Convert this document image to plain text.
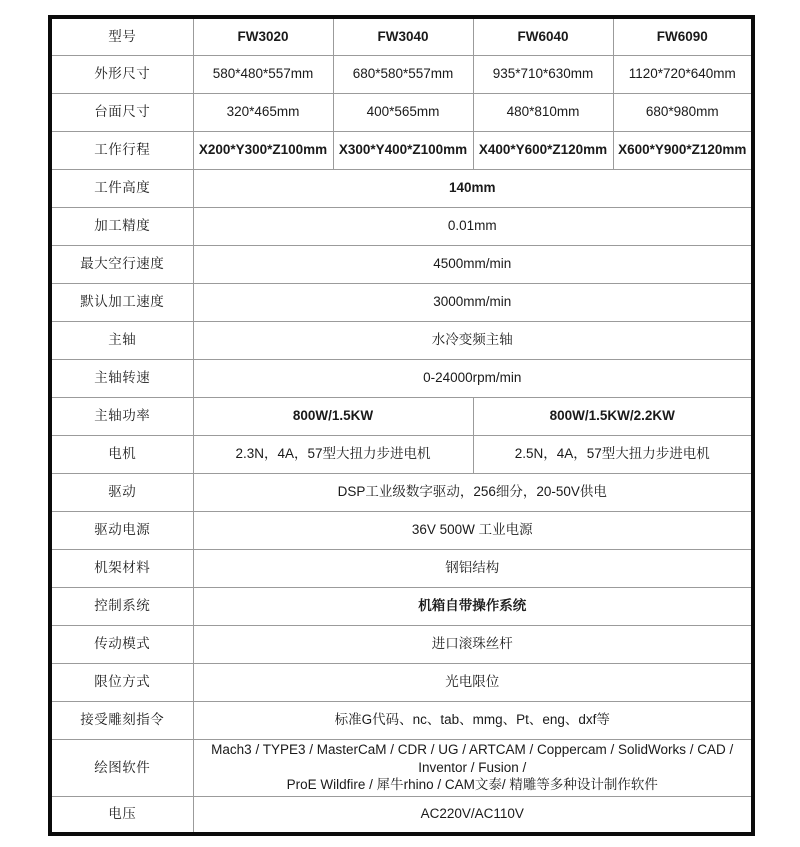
型号	FW3020	FW3040	FW6040	FW6090
外形尺寸	580*480*557mm	680*580*557mm	935*710*630mm	1120*720*640mm
台面尺寸	320*465mm	400*565mm	480*810mm	680*980mm
工作行程	X200*Y300*Z100mm	X300*Y400*Z100mm	X400*Y600*Z120mm	X600*Y900*Z120mm
工件高度	140mm			
加工精度	0.01mm			
最大空行速度	4500mm/min			
默认加工速度	3000mm/min			
主轴	水冷变频主轴			
主轴转速	0-24000rpm/min			
主轴功率	800W/1.5KW		800W/1.5KW/2.2KW	
电机	2.3N，4A，57型大扭力步进电机		2.5N，4A，57型大扭力步进电机	
驱动	DSP工业级数字驱动，256细分，20-50V供电			
驱动电源	36V 500W 工业电源			
机架材料	钢铝结构			
控制系统	机箱自带操作系统			
传动模式	进口滚珠丝杆			
限位方式	光电限位			
接受雕刻指令	标准G代码、nc、tab、mmg、Pt、eng、dxf等			
绘图软件	Mach3 / TYPE3 / MasterCaM / CDR / UG / ARTCAM / Coppercam / SolidWorks / CAD / Inventor / Fusion /
ProE Wildfire / 犀牛rhino / CAM文泰/ 精雕等多种设计制作软件			

电压	AC220V/AC110V			
